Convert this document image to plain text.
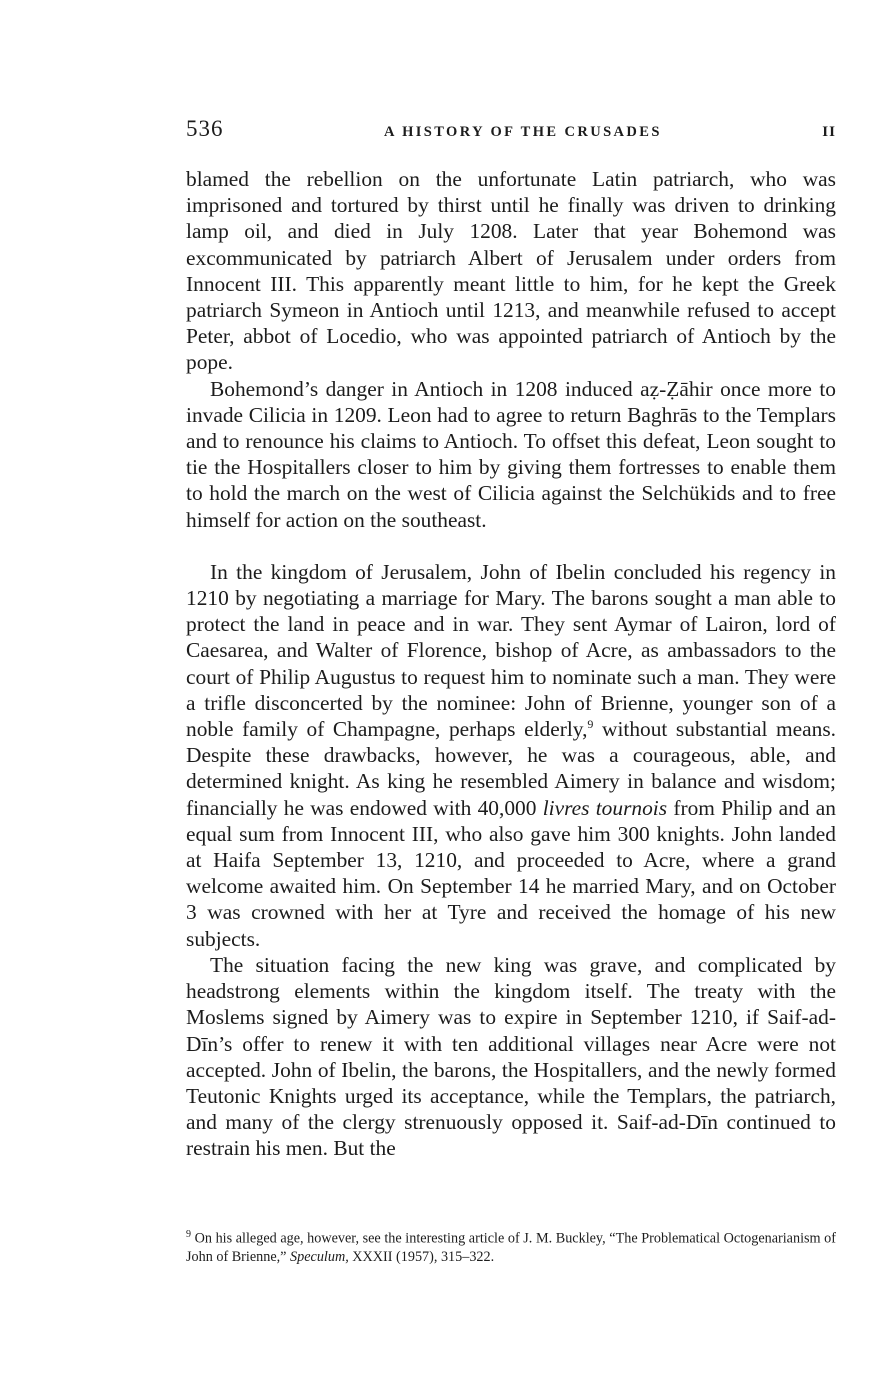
536	A HISTORY OF THE CRUSADES	II

blamed the rebellion on the unfortunate Latin patriarch, who was imprisoned and tortured by thirst until he finally was driven to drinking lamp oil, and died in July 1208. Later that year Bohemond was excommunicated by patriarch Albert of Jerusalem under orders from Innocent III. This apparently meant little to him, for he kept the Greek patriarch Symeon in Antioch until 1213, and meanwhile refused to accept Peter, abbot of Locedio, who was appointed patriarch of Antioch by the pope.

Bohemond’s danger in Antioch in 1208 induced aẓ-Ẓāhir once more to invade Cilicia in 1209. Leon had to agree to return Baghrās to the Templars and to renounce his claims to Antioch. To offset this defeat, Leon sought to tie the Hospitallers closer to him by giving them fortresses to enable them to hold the march on the west of Cilicia against the Selchükids and to free himself for action on the southeast.

In the kingdom of Jerusalem, John of Ibelin concluded his regency in 1210 by negotiating a marriage for Mary. The barons sought a man able to protect the land in peace and in war. They sent Aymar of Lairon, lord of Caesarea, and Walter of Florence, bishop of Acre, as ambassadors to the court of Philip Augustus to request him to nominate such a man. They were a trifle disconcerted by the nominee: John of Brienne, younger son of a noble family of Champagne, perhaps elderly,$^9$ without substantial means. Despite these drawbacks, however, he was a courageous, able, and determined knight. As king he resembled Aimery in balance and wisdom; financially he was endowed with 40,000 livres tournois from Philip and an equal sum from Innocent III, who also gave him 300 knights. John landed at Haifa September 13, 1210, and proceeded to Acre, where a grand welcome awaited him. On September 14 he married Mary, and on October 3 was crowned with her at Tyre and received the homage of his new subjects.

The situation facing the new king was grave, and complicated by headstrong elements within the kingdom itself. The treaty with the Moslems signed by Aimery was to expire in September 1210, if Saif-ad-Dīn’s offer to renew it with ten additional villages near Acre were not accepted. John of Ibelin, the barons, the Hospitallers, and the newly formed Teutonic Knights urged its acceptance, while the Templars, the patriarch, and many of the clergy strenuously opposed it. Saif-ad-Dīn continued to restrain his men. But the

$^9$ On his alleged age, however, see the interesting article of J. M. Buckley, “The Problematical Octogenarianism of John of Brienne,” Speculum, XXXII (1957), 315–322.
